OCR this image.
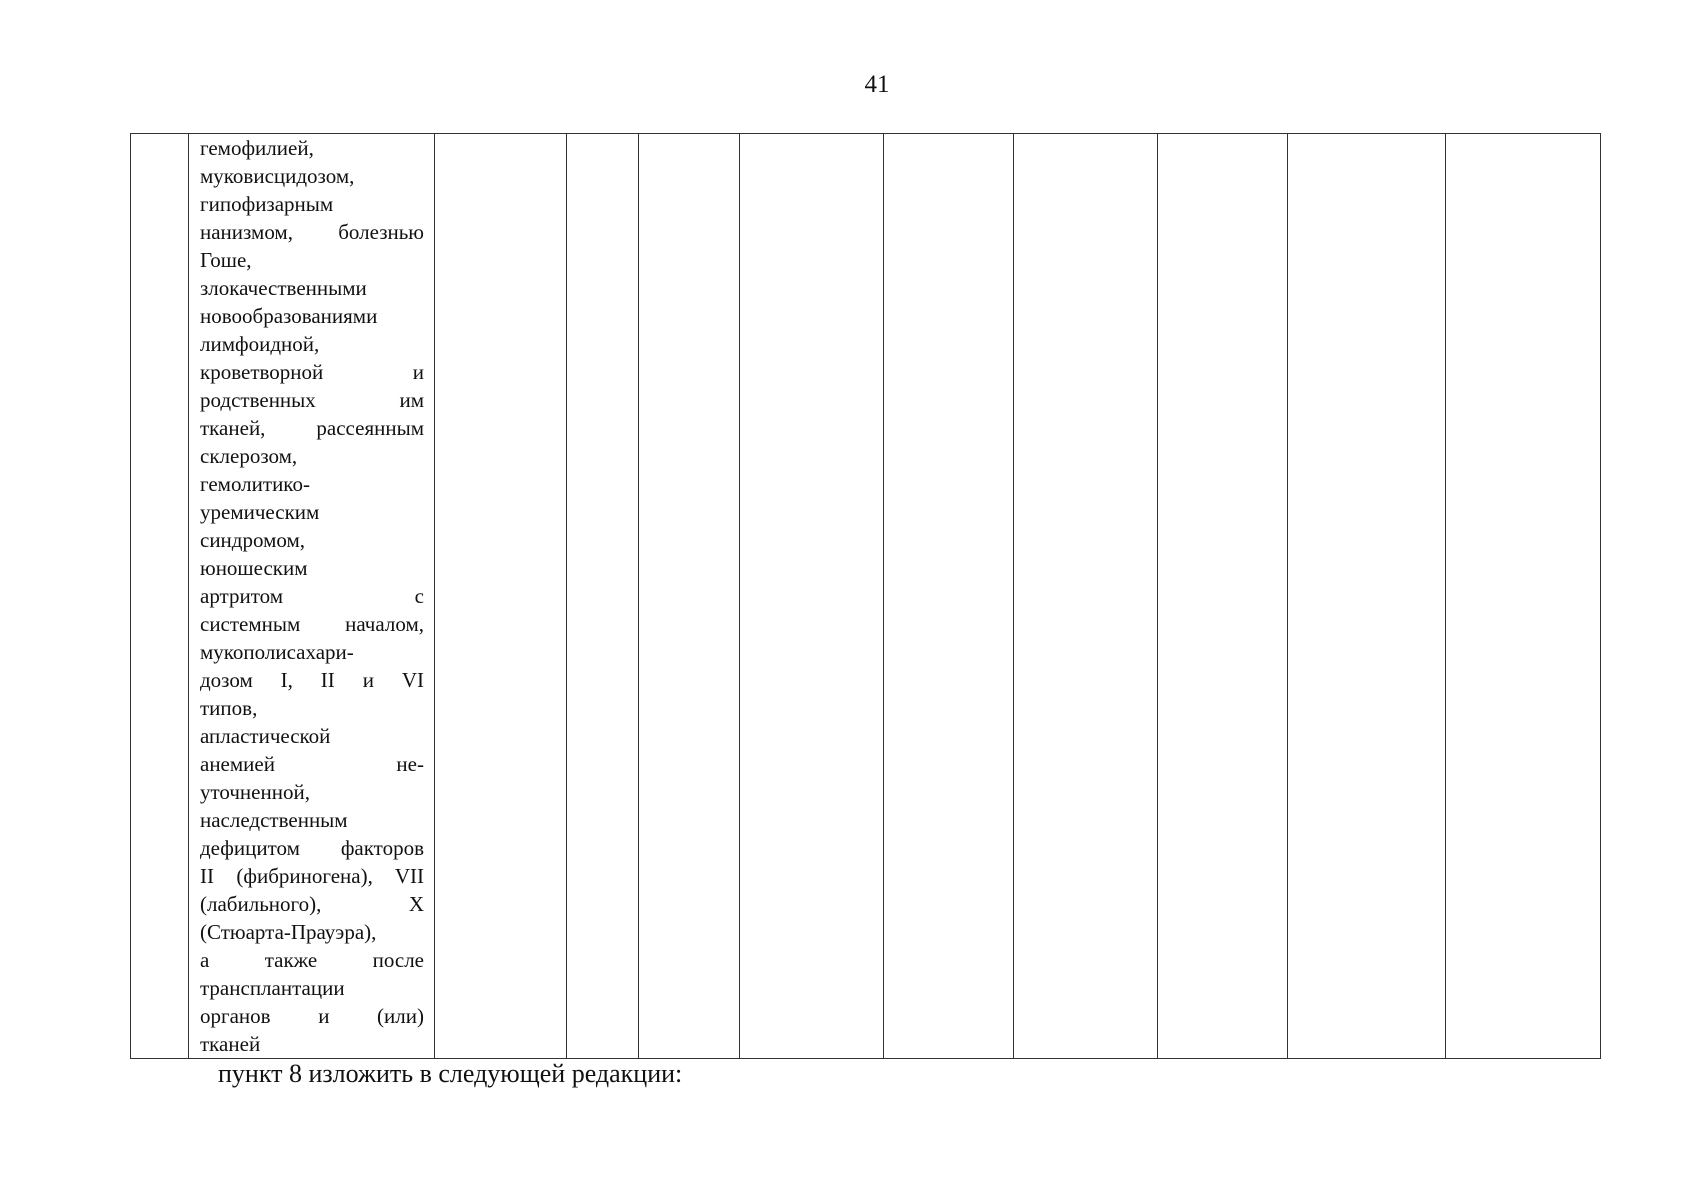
41

гемофилией,
муковисцидозом,
гипофизарным
нанизмом, болезнью
Гоше,
злокачественными
новообразованиями
лимфоидной,
кроветворной и
родственных им
тканей, рассеянным
склерозом,
гемолитико-
уремическим
синдромом,
юношеским
артритом с
системным началом,
мукополисахари-
дозом I, II и VI
типов,
апластической
анемией не-
уточненной,
наследственным
дефицитом факторов
II (фибриногена), VII
(лабильного), X
(Стюарта-Прауэра),
а также после
трансплантации
органов и (или)
тканей

пункт 8 изложить в следующей редакции:
